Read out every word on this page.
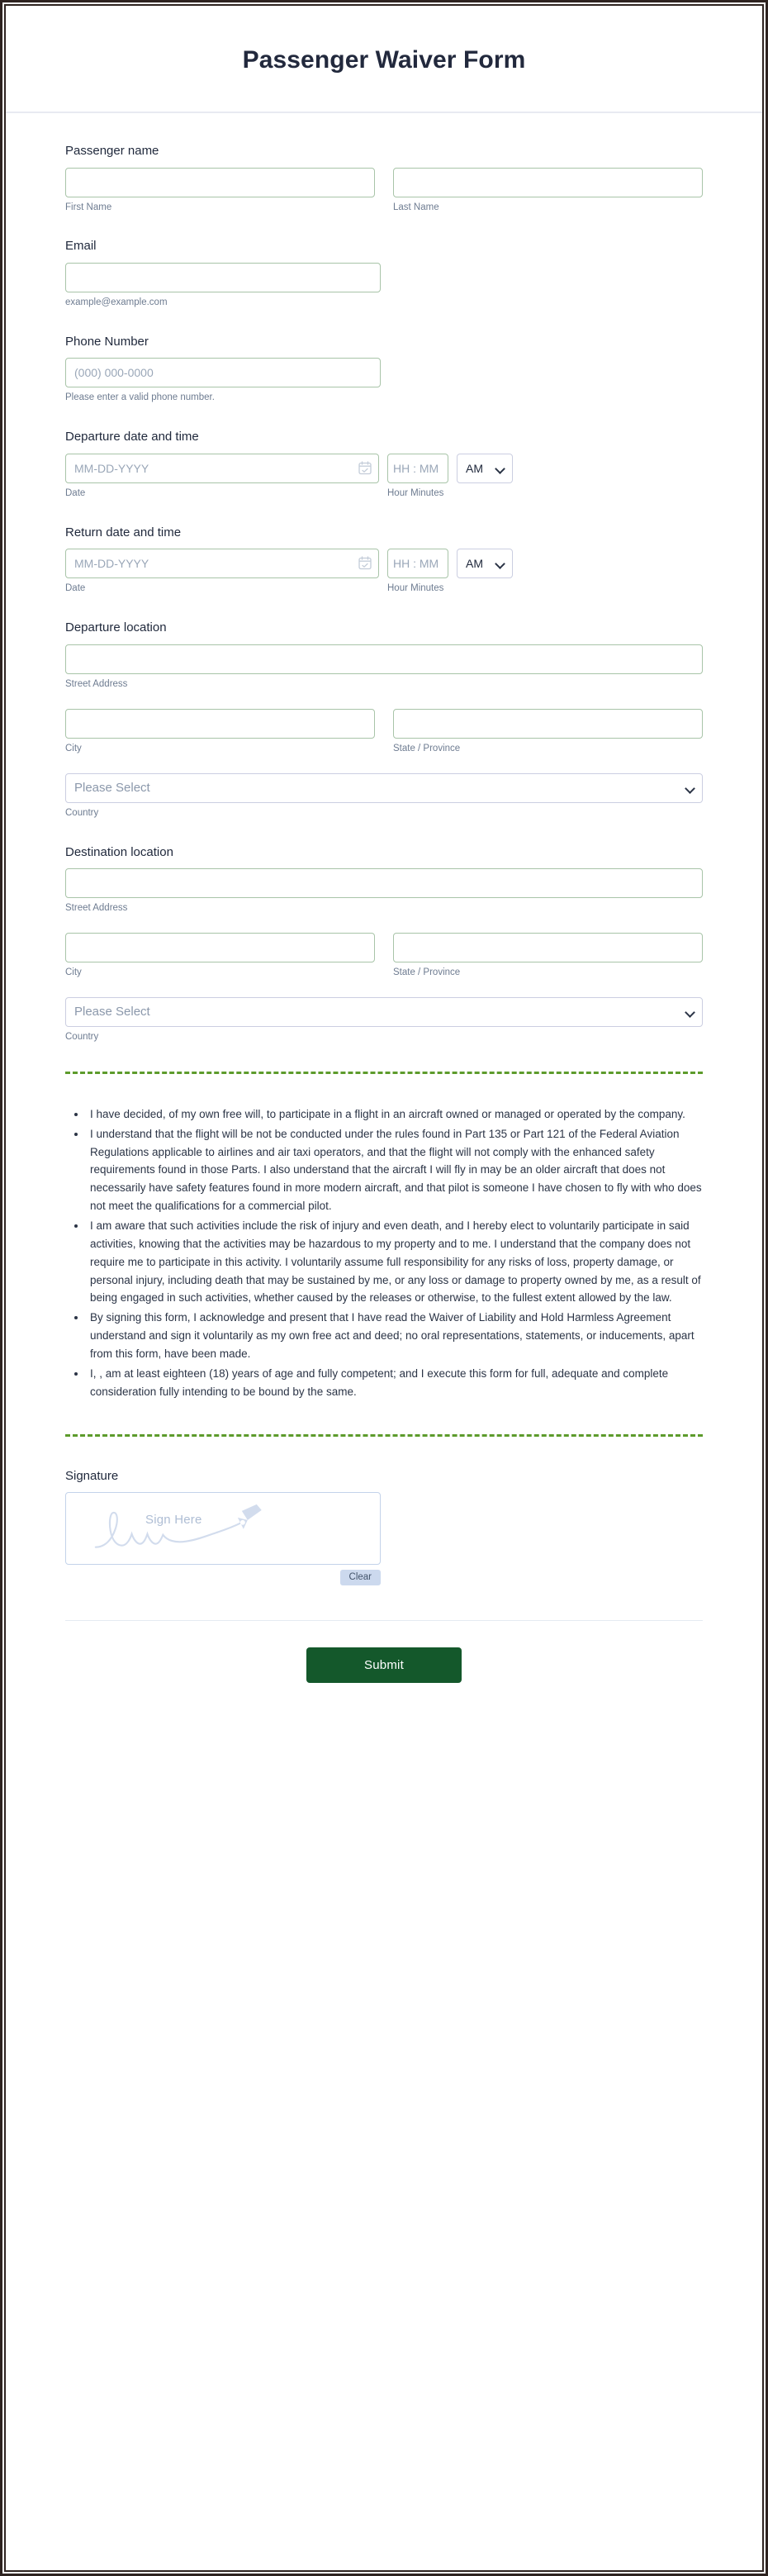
Passenger Waiver Form
Passenger name
First Name	Last Name
Email
example@example.com
Phone Number
(000) 000-0000
Please enter a valid phone number.
Departure date and time
MM-DD-YYYY
HH : MM
AM
Date	Hour Minutes
Return date and time
MM-DD-YYYY
HH : MM
AM
Date	Hour Minutes
Departure location
Street Address
City	State / Province
Please Select
Country
Destination location
Street Address
City	State / Province
Please Select
Country
• I have decided, of my own free will, to participate in a flight in an aircraft owned or managed or operated by the company.
• I understand that the flight will be not be conducted under the rules found in Part 135 or Part 121 of the Federal Aviation Regulations applicable to airlines and air taxi operators, and that the flight will not comply with the enhanced safety requirements found in those Parts. I also understand that the aircraft I will fly in may be an older aircraft that does not necessarily have safety features found in more modern aircraft, and that pilot is someone I have chosen to fly with who does not meet the qualifications for a commercial pilot.
• I am aware that such activities include the risk of injury and even death, and I hereby elect to voluntarily participate in said activities, knowing that the activities may be hazardous to my property and to me. I understand that the company does not require me to participate in this activity. I voluntarily assume full responsibility for any risks of loss, property damage, or personal injury, including death that may be sustained by me, or any loss or damage to property owned by me, as a result of being engaged in such activities, whether caused by the releases or otherwise, to the fullest extent allowed by the law.
• By signing this form, I acknowledge and present that I have read the Waiver of Liability and Hold Harmless Agreement understand and sign it voluntarily as my own free act and deed; no oral representations, statements, or inducements, apart from this form, have been made.
• I, , am at least eighteen (18) years of age and fully competent; and I execute this form for full, adequate and complete consideration fully intending to be bound by the same.
Signature
Sign Here
Clear
Submit
